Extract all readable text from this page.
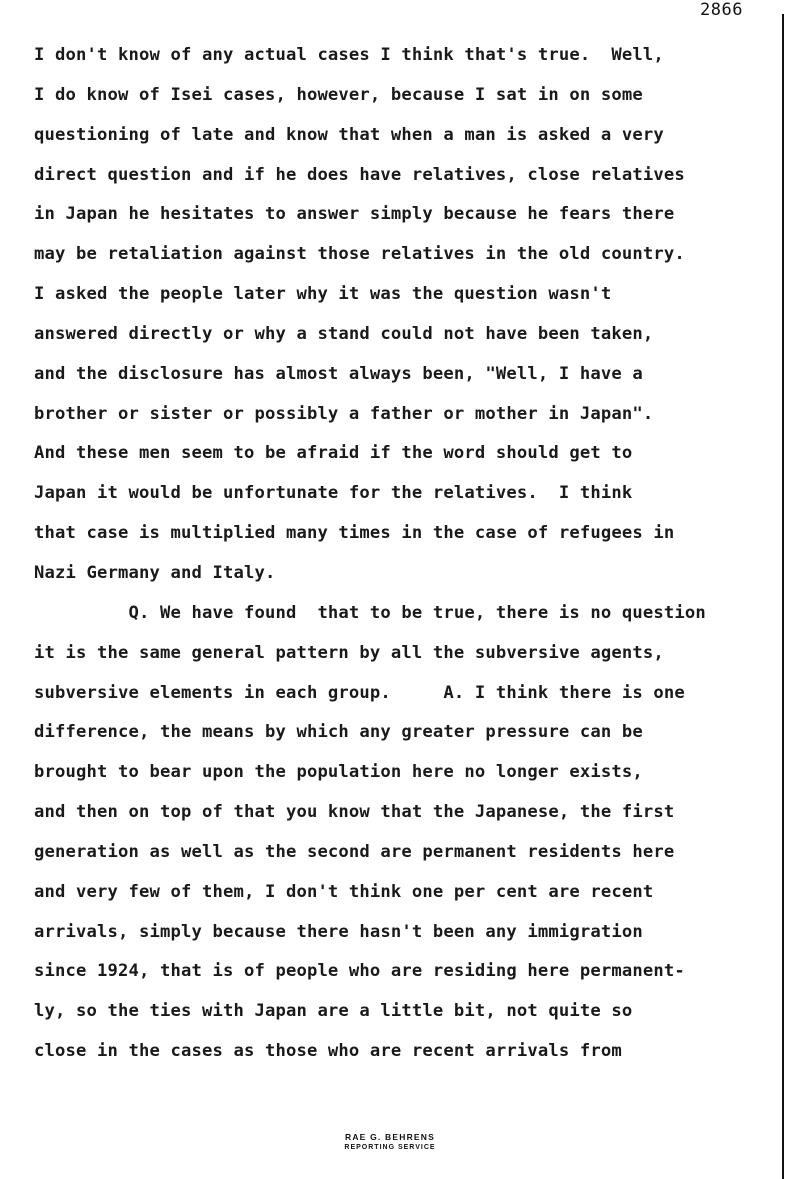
2866
I don't know of any actual cases I think that's true.  Well,
I do know of Isei cases, however, because I sat in on some
questioning of late and know that when a man is asked a very
direct question and if he does have relatives, close relatives
in Japan he hesitates to answer simply because he fears there
may be retaliation against those relatives in the old country.
I asked the people later why it was the question wasn't
answered directly or why a stand could not have been taken,
and the disclosure has almost always been, "Well, I have a
brother or sister or possibly a father or mother in Japan".
And these men seem to be afraid if the word should get to
Japan it would be unfortunate for the relatives.  I think
that case is multiplied many times in the case of refugees in
Nazi Germany and Italy.
Q. We have found  that to be true, there is no question
it is the same general pattern by all the subversive agents,
subversive elements in each group.     A. I think there is one
difference, the means by which any greater pressure can be
brought to bear upon the population here no longer exists,
and then on top of that you know that the Japanese, the first
generation as well as the second are permanent residents here
and very few of them, I don't think one per cent are recent
arrivals, simply because there hasn't been any immigration
since 1924, that is of people who are residing here permanent-
ly, so the ties with Japan are a little bit, not quite so
close in the cases as those who are recent arrivals from
RAE G. BEHRENS
REPORTING SERVICE
